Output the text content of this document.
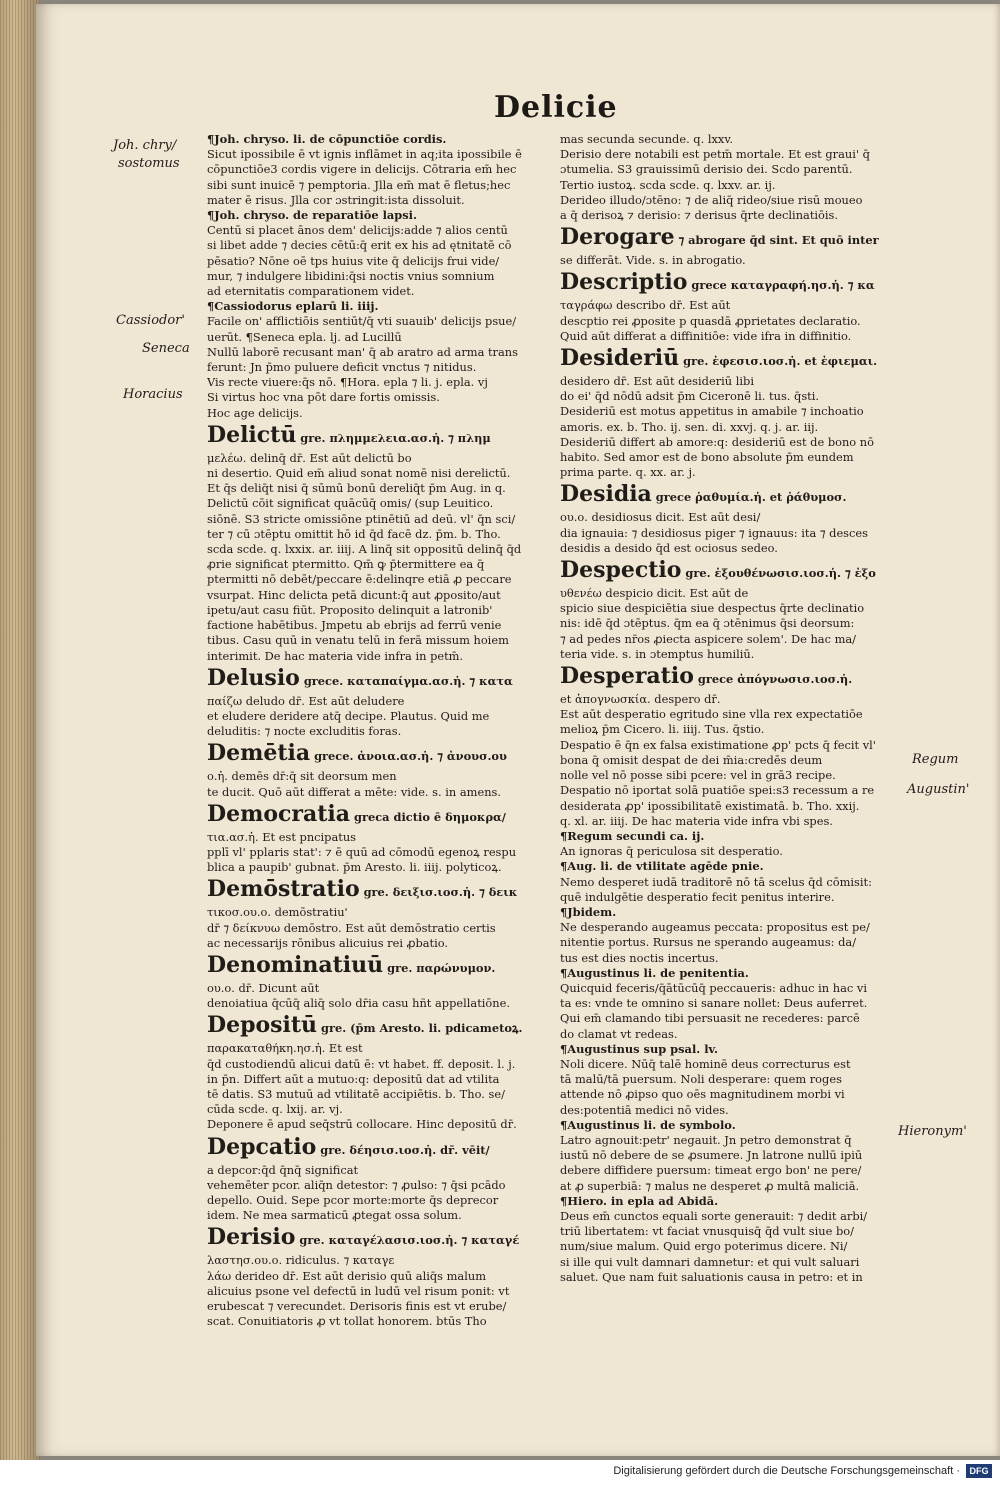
Delicie
Joh. chry/
sostomus
Cassiodor'
Seneca
Horacius
Regum
Augustin'
Hieronym'
¶Joh. chryso. li. de cōpunctiōe cordis.
Sicut ipossibile ē vt ignis inflāmet in aq;ita ipossibile ē
cōpunctiōe3 cordis vigere in delicijs. Cōtraria em̄ hec
sibi sunt inuicē ⁊ pemptoria. Jlla em̄ mat ē fletus;hec
mater ē risus. Jlla cor ɔstringit:ista dissoluit.
¶Joh. chryso. de reparatiōe lapsi.
Centū si placet ānos dem' delicijs:adde ⁊ alios centū
si libet adde ⁊ decies cētū:q̄ erit ex his ad ętnitatē cō
pēsatio? Nōne oē tps huius vite q̄ delicijs frui vide/
mur, ⁊ indulgere libidini:q̄si noctis vnius somnium
ad eternitatis comparationem videt.
¶Cassiodorus eplarū li. iiij.
Facile on' afflictiōis sentiūt/q̄ vti suauib' delicijs psue/
uerūt. ¶Seneca epla. lj. ad Lucillū
Nullū laborē recusant man' q̄ ab aratro ad arma trans
ferunt: Jn p̄mo puluere deficit vnctus ⁊ nitidus.
Vis recte viuere:q̄s nō. ¶Hora. epla ⁊ li. j. epla. vj
Si virtus hoc vna pōt dare fortis omissis.
Hoc age delicijs.
Delictū gre. πλημμελεια.ασ.ἡ. ⁊ πλημ
μελέω. delinq̄ dr̄. Est aūt delictū bo
ni desertio. Quid em̄ aliud sonat nomē nisi derelictū.
Et q̄s deliq̄t nisi q̄ sūmū bonū dereliq̄t p̄m Aug. in q.
Delictū cōit significat quācūq̄ omis/ (sup Leuitico.
siōnē. S3 stricte omissiōne ptinētiū ad deū. vl' q̄n sci/
ter ⁊ cū ɔtēptu omittit hō id q̄d facē dz. p̄m. b. Tho.
scda scde. q. lxxix. ar. iiij. A linq̄ sit oppositū delinq̄ q̄d
ꝓrie significat ptermitto. Qm̄ ꝙ p̄termittere ea q̄
ptermitti nō debēt/peccare ē:delinqre etiā ꝓ peccare
vsurpat. Hinc delicta petā dicunt:q̄ aut ꝓposito/aut
ipetu/aut casu fiūt. Proposito delinquit a latronib'
factione habētibus. Jmpetu ab ebrijs ad ferrū venie
tibus. Casu quū in venatu telū in ferā missum hoiem
interimit. De hac materia vide infra in petm̄.
Delusio grece. καταπαίγμα.ασ.ἡ. ⁊ κατα
παίζω deludo dr̄. Est aūt deludere
et eludere deridere atq̄ decipe. Plautus. Quid me
deluditis: ⁊ nocte excluditis foras.
Demētia grece. ἀνοια.ασ.ἡ. ⁊ ἀνουσ.ου
ο.ἡ. demēs dr̄:q̄ sit deorsum men
te ducit. Quō aūt differat a mēte: vide. s. in amens.
Democratia greca dictio ē δημοκρα/
τια.ασ.ἡ. Et est pncipatus
pplī vl' pplaris stat': ⁊ ē quū ad cōmodū egenoꝝ respu
blica a paupib' gubnat. p̄m Aresto. li. iiij. polyticoꝝ.
Demōstratio gre. δειξισ.ιοσ.ἡ. ⁊ δεικ
τικοσ.ου.ο. demōstratiu'
dr̄ ⁊ δείκνυω demōstro. Est aūt demōstratio certis
ac necessarijs rōnibus alicuius rei ꝓbatio.
Denominatiuū gre. παρώνυμον.
ου.ο. dr̄. Dicunt aūt
denoiatiua q̄cūq̄ aliq̄ solo dr̄ia casu hñt appellatiōne.
Depositū gre. (p̄m Aresto. li. pdicametoꝝ.
παρακαταθήκη.ησ.ἡ. Et est
q̄d custodiendū alicui datū ē: vt habet. ff. deposit. l. j.
in p̄n. Differt aūt a mutuo:q: depositū dat ad vtilita
tē datis. S3 mutuū ad vtilitatē accipiētis. b. Tho. se/
cūda scde. q. lxij. ar. vj.
Deponere ē apud seq̄strū collocare. Hinc depositū dr̄.
Depcatio gre. δέησισ.ιοσ.ἡ. dr̄. vēit/
a depcor:q̄d q̄nq̄ significat
vehemēter pcor. aliq̄n detestor: ⁊ ꝓulso: ⁊ q̄si pcādo
depello. Ouid. Sepe pcor morte:morte q̄s deprecor
idem. Ne mea sarmaticū ꝓtegat ossa solum.
Derisio gre. καταγέλασισ.ιοσ.ἡ. ⁊ καταγέ
λαστησ.ου.ο. ridiculus. ⁊ καταγε
λάω derideo dr̄. Est aūt derisio quū aliq̄s malum
alicuius psone vel defectū in ludū vel risum ponit: vt
erubescat ⁊ verecundet. Derisoris finis est vt erube/
scat. Conuitiatoris ꝓ vt tollat honorem. btūs Tho
mas secunda secunde. q. lxxv.
Derisio dere notabili est petm̄ mortale. Et est graui' q̄
ɔtumelia. S3 grauissimū derisio dei. Scdo parentū.
Tertio iustoꝝ. scda scde. q. lxxv. ar. ij.
Derideo illudo/ɔtēno: ⁊ de aliq̄ rideo/siue risū moueo
a q̄ derisoꝝ ⁊ derisio: ⁊ derisus q̄rte declinatiōis.
Derogare ⁊ abrogare q̄d sint. Et quō inter
se differāt. Vide. s. in abrogatio.
Descriptio grece καταγραφή.ησ.ἡ. ⁊ κα
ταγράφω describo dr̄. Est aūt
descptio rei ꝓposite p quasdā ꝓprietates declaratio.
Quid aūt differat a diffinitiōe: vide ifra in diffinitio.
Desideriū gre. ἐφεσισ.ιοσ.ἡ. et ἐφιεμαι.
desidero dr̄. Est aūt desideriū libi
do ei' q̄d nōdū adsit p̄m Ciceronē li. tus. q̄sti.
Desideriū est motus appetitus in amabile ⁊ inchoatio
amoris. ex. b. Tho. ij. sen. di. xxvj. q. j. ar. iij.
Desideriū differt ab amore:q: desideriū est de bono nō
habito. Sed amor est de bono absolute p̄m eundem
prima parte. q. xx. ar. j.
Desidia grece ῥαθυμία.ἡ. et ῥάθυμοσ.
ου.ο. desidiosus dicit. Est aūt desi/
dia ignauia: ⁊ desidiosus piger ⁊ ignauus: ita ⁊ desces
desidis a desido q̄d est ociosus sedeo.
Despectio gre. ἐξουθένωσισ.ιοσ.ἡ. ⁊ ἐξο
υθενέω despicio dicit. Est aūt de
spicio siue despiciētia siue despectus q̄rte declinatio
nis: idē q̄d ɔtēptus. q̄m ea q̄ ɔtēnimus q̄si deorsum:
⁊ ad pedes nr̄os ꝓiecta aspicere solem'. De hac ma/
teria vide. s. in ɔtemptus humiliū.
Desperatio grece ἀπόγνωσισ.ιοσ.ἡ.
et ἀπογνωσκία. despero dr̄.
Est aūt desperatio egritudo sine vlla rex expectatiōe
melioꝝ p̄m Cicero. li. iiij. Tus. q̄stio.
Despatio ē q̄n ex falsa existimatione ꝓp' pcts q̄ fecit vl'
bona q̄ omisit despat de dei m̄ia:credēs deum
nolle vel nō posse sibi pcere: vel in grā3 recipe.
Despatio nō iportat solā puatiōe spei:s3 recessum a re
desiderata ꝓp' ipossibilitatē existimatā. b. Tho. xxij.
q. xl. ar. iiij. De hac materia vide infra vbi spes.
¶Regum secundi ca. ij.
An ignoras q̄ periculosa sit desperatio.
¶Aug. li. de vtilitate agēde pnie.
Nemo desperet iudā traditorē nō tā scelus q̄d cōmisit:
quē indulgētie desperatio fecit penitus interire.
¶Jbidem.
Ne desperando augeamus peccata: propositus est pe/
nitentie portus. Rursus ne sperando augeamus: da/
tus est dies noctis incertus.
¶Augustinus li. de penitentia.
Quicquid feceris/q̄ātūcūq̄ peccaueris: adhuc in hac vi
ta es: vnde te omnino si sanare nollet: Deus auferret.
Qui em̄ clamando tibi persuasit ne recederes: parcē
do clamat vt redeas.
¶Augustinus sup psal. lv.
Noli dicere. Nūq̄ talē hominē deus correcturus est
tā malū/tā puersum. Noli desperare: quem roges
attende nō ꝓipso quo oēs magnitudinem morbi vi
des:potentiā medici nō vides.
¶Augustinus li. de symbolo.
Latro agnouit:petr' negauit. Jn petro demonstrat q̄
iustū nō debere de se ꝓsumere. Jn latrone nullū ipiū
debere diffidere puersum: timeat ergo bon' ne pere/
at ꝓ superbiā: ⁊ malus ne desperet ꝓ multā maliciā.
¶Hiero. in epla ad Abidā.
Deus em̄ cunctos equali sorte generauit: ⁊ dedit arbi/
triū libertatem: vt faciat vnusquisq̄ q̄d vult siue bo/
num/siue malum. Quid ergo poterimus dicere. Ni/
si ille qui vult damnari damnetur: et qui vult saluari
saluet. Que nam fuit saluationis causa in petro: et in
Digitalisierung gefördert durch die Deutsche Forschungsgemeinschaft ·	DFG
